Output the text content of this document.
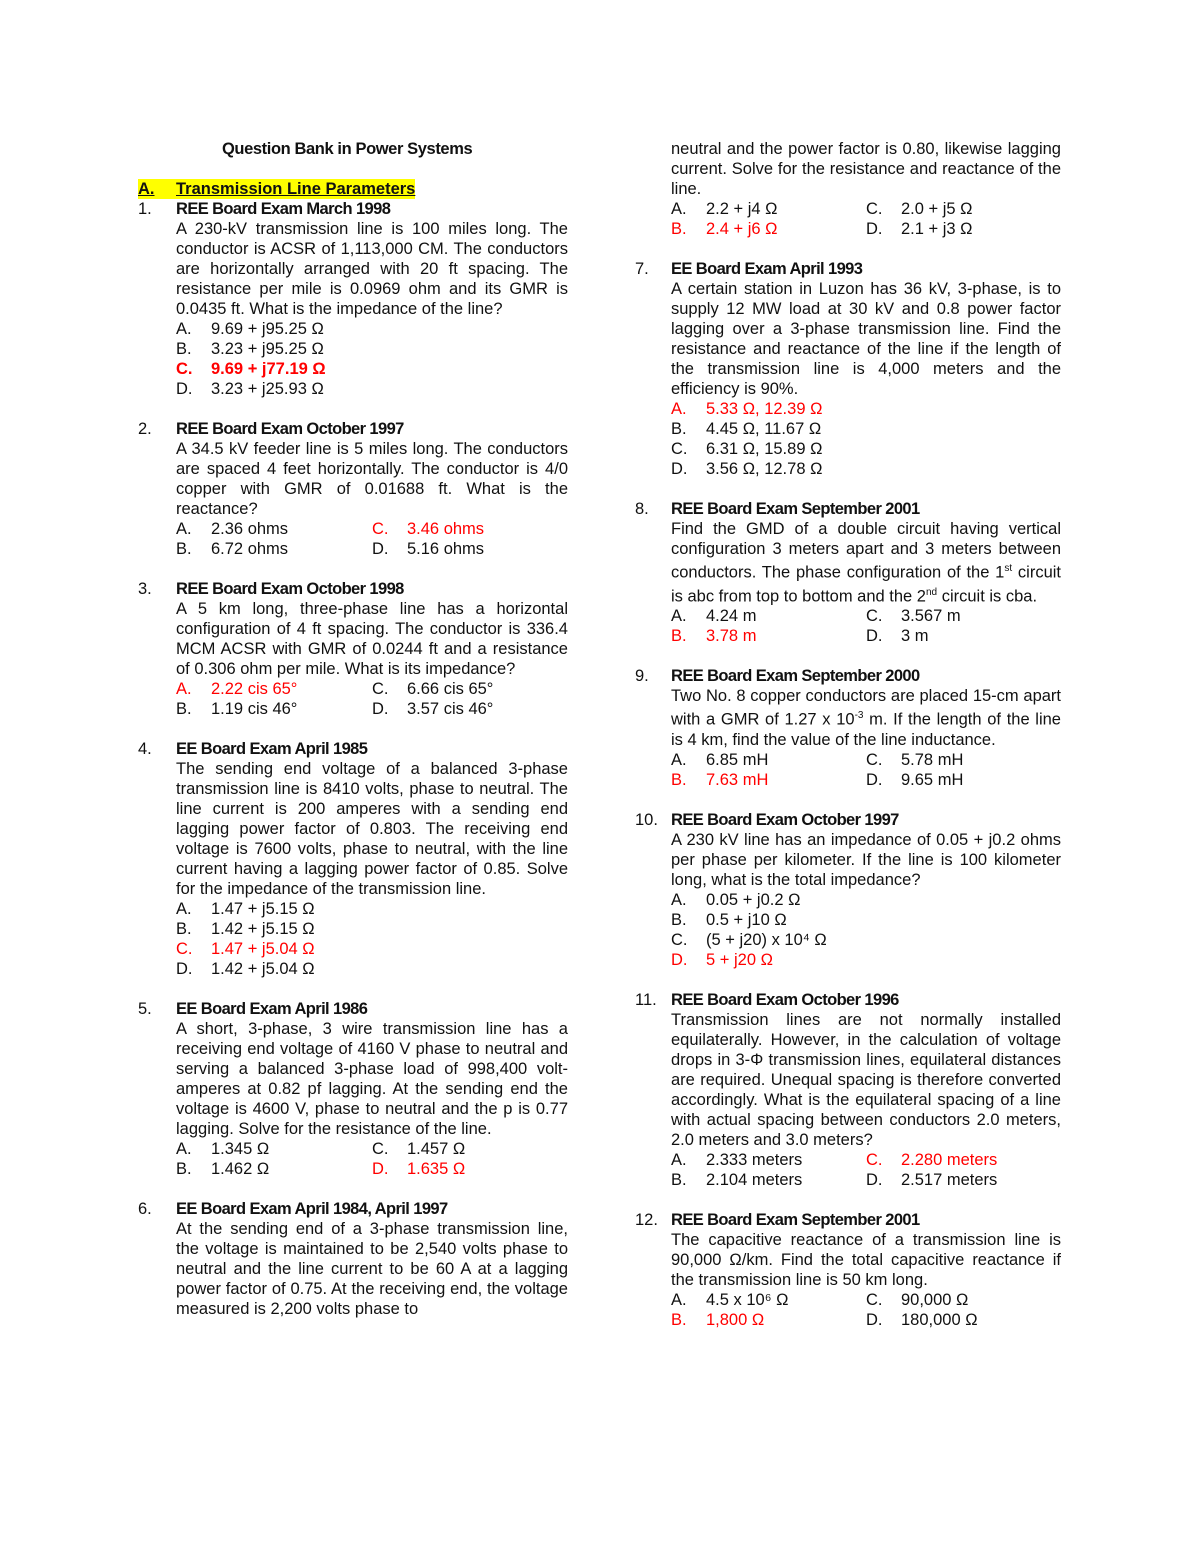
Question Bank in Power Systems
A.	Transmission Line Parameters
1.	REE Board Exam March 1998
A 230-kV transmission line is 100 miles long. The conductor is ACSR of 1,113,000 CM. The conductors are horizontally arranged with 20 ft spacing. The resistance per mile is 0.0969 ohm and its GMR is 0.0435 ft. What is the impedance of the line?
A.	9.69 + j95.25 Ω
B.	3.23 + j95.25 Ω
C.	9.69 + j77.19 Ω
D.	3.23 + j25.93 Ω
2.	REE Board Exam October 1997
A 34.5 kV feeder line is 5 miles long. The conductors are spaced 4 feet horizontally. The conductor is 4/0 copper with GMR of 0.01688 ft. What is the reactance?
A.	2.36 ohms	C.	3.46 ohms
B.	6.72 ohms	D.	5.16 ohms
3.	REE Board Exam October 1998
A 5 km long, three-phase line has a horizontal configuration of 4 ft spacing. The conductor is 336.4 MCM ACSR with GMR of 0.0244 ft and a resistance of 0.306 ohm per mile. What is its impedance?
A.	2.22 cis 65°	C.	6.66 cis 65°
B.	1.19 cis 46°	D.	3.57 cis 46°
4.	EE Board Exam April 1985
The sending end voltage of a balanced 3-phase transmission line is 8410 volts, phase to neutral. The line current is 200 amperes with a sending end lagging power factor of 0.803. The receiving end voltage is 7600 volts, phase to neutral, with the line current having a lagging power factor of 0.85. Solve for the impedance of the transmission line.
A.	1.47 + j5.15 Ω
B.	1.42 + j5.15 Ω
C.	1.47 + j5.04 Ω
D.	1.42 + j5.04 Ω
5.	EE Board Exam April 1986
A short, 3-phase, 3 wire transmission line has a receiving end voltage of 4160 V phase to neutral and serving a balanced 3-phase load of 998,400 volt-amperes at 0.82 pf lagging. At the sending end the voltage is 4600 V, phase to neutral and the p is 0.77 lagging. Solve for the resistance of the line.
A.	1.345 Ω	C.	1.457 Ω
B.	1.462 Ω	D.	1.635 Ω
6.	EE Board Exam April 1984, April 1997
At the sending end of a 3-phase transmission line, the voltage is maintained to be 2,540 volts phase to neutral and the line current to be 60 A at a lagging power factor of 0.75. At the receiving end, the voltage measured is 2,200 volts phase to
neutral and the power factor is 0.80, likewise lagging current. Solve for the resistance and reactance of the line.
A.	2.2 + j4 Ω	C.	2.0 + j5 Ω
B.	2.4 + j6 Ω	D.	2.1 + j3 Ω
7.	EE Board Exam April 1993
A certain station in Luzon has 36 kV, 3-phase, is to supply 12 MW load at 30 kV and 0.8 power factor lagging over a 3-phase transmission line. Find the resistance and reactance of the line if the length of the transmission line is 4,000 meters and the efficiency is 90%.
A.	5.33 Ω, 12.39 Ω
B.	4.45 Ω, 11.67 Ω
C.	6.31 Ω, 15.89 Ω
D.	3.56 Ω, 12.78 Ω
8.	REE Board Exam September 2001
Find the GMD of a double circuit having vertical configuration 3 meters apart and 3 meters between conductors. The phase configuration of the 1st circuit is abc from top to bottom and the 2nd circuit is cba.
A.	4.24 m	C.	3.567 m
B.	3.78 m	D.	3 m
9.	REE Board Exam September 2000
Two No. 8 copper conductors are placed 15-cm apart with a GMR of 1.27 x $10^{-3}$ m. If the length of the line is 4 km, find the value of the line inductance.
A.	6.85 mH	C.	5.78 mH
B.	7.63 mH	D.	9.65 mH
10. REE Board Exam October 1997
A 230 kV line has an impedance of 0.05 + j0.2 ohms per phase per kilometer. If the line is 100 kilometer long, what is the total impedance?
A.	0.05 + j0.2 Ω
B.	0.5 + j10 Ω
C.	(5 + j20) x 10⁴ Ω
D.	5 + j20 Ω
11. REE Board Exam October 1996
Transmission lines are not normally installed equilaterally. However, in the calculation of voltage drops in 3-Φ transmission lines, equilateral distances are required. Unequal spacing is therefore converted accordingly. What is the equilateral spacing of a line with actual spacing between conductors 2.0 meters, 2.0 meters and 3.0 meters?
A.	2.333 meters	C.	2.280 meters
B.	2.104 meters	D.	2.517 meters
12. REE Board Exam September 2001
The capacitive reactance of a transmission line is 90,000 Ω/km. Find the total capacitive reactance if the transmission line is 50 km long.
A.	4.5 x 10⁶ Ω	C.	90,000 Ω
B.	1,800 Ω	D.	180,000 Ω
